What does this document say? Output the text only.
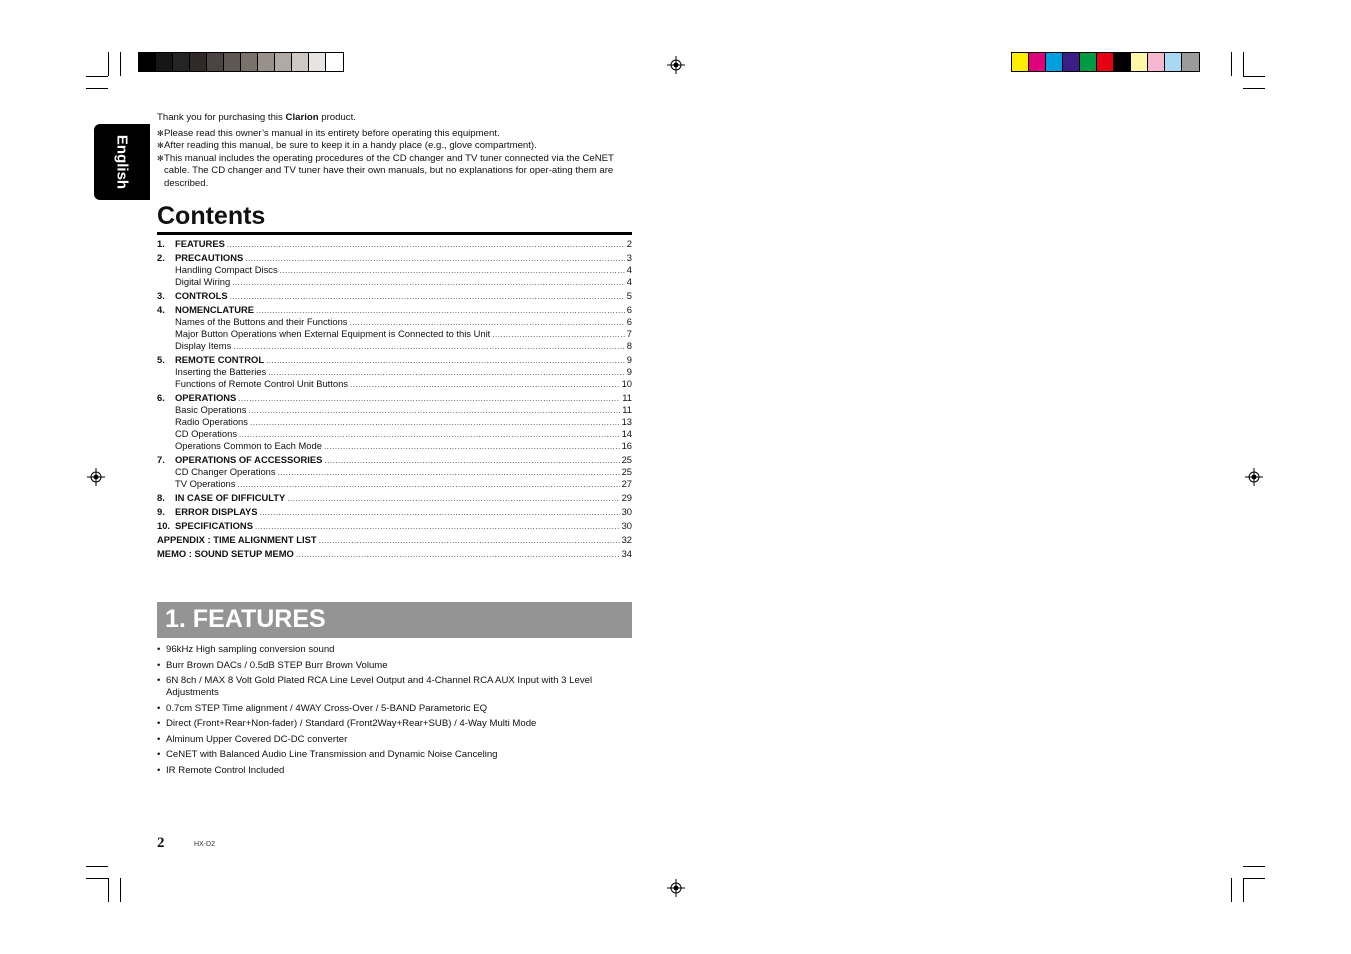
English

Thank you for purchasing this Clarion product.

✻ Please read this owner’s manual in its entirety before operating this equipment.
✻ After reading this manual, be sure to keep it in a handy place (e.g., glove compartment).
✻ This manual includes the operating procedures of the CD changer and TV tuner connected via the CeNET cable. The CD changer and TV tuner have their own manuals, but no explanations for oper-ating them are described.
Contents
1.	FEATURES .....	2
2.	PRECAUTIONS .....	3
Handling Compact Discs .....	4
Digital Wiring .....	4
3.	CONTROLS .....	5
4.	NOMENCLATURE .....	6
Names of the Buttons and their Functions .....	6
Major Button Operations when External Equipment is Connected to this Unit .....	7
Display Items .....	8
5.	REMOTE CONTROL .....	9
Inserting the Batteries .....	9
Functions of Remote Control Unit Buttons .....	10
6.	OPERATIONS .....	11
Basic Operations .....	11
Radio Operations .....	13
CD Operations .....	14
Operations Common to Each Mode .....	16
7.	OPERATIONS OF ACCESSORIES .....	25
CD Changer Operations .....	25
TV Operations .....	27
8.	IN CASE OF DIFFICULTY .....	29
9.	ERROR DISPLAYS .....	30
10. SPECIFICATIONS .....	30
APPENDIX : TIME ALIGNMENT LIST .....	32
MEMO : SOUND SETUP MEMO .....	34
1. FEATURES
• 96kHz High sampling conversion sound
• Burr Brown DACs / 0.5dB STEP Burr Brown Volume
• 6N 8ch / MAX 8 Volt Gold Plated RCA Line Level Output and 4-Channel RCA AUX Input with 3 Level Adjustments
• 0.7cm STEP Time alignment / 4WAY Cross-Over / 5-BAND Parametoric EQ
• Direct (Front+Rear+Non-fader) / Standard (Front2Way+Rear+SUB) / 4-Way Multi Mode
• Alminum Upper Covered DC-DC converter
• CeNET with Balanced Audio Line Transmission and Dynamic Noise Canceling
• IR Remote Control Included
2	HX-D2
